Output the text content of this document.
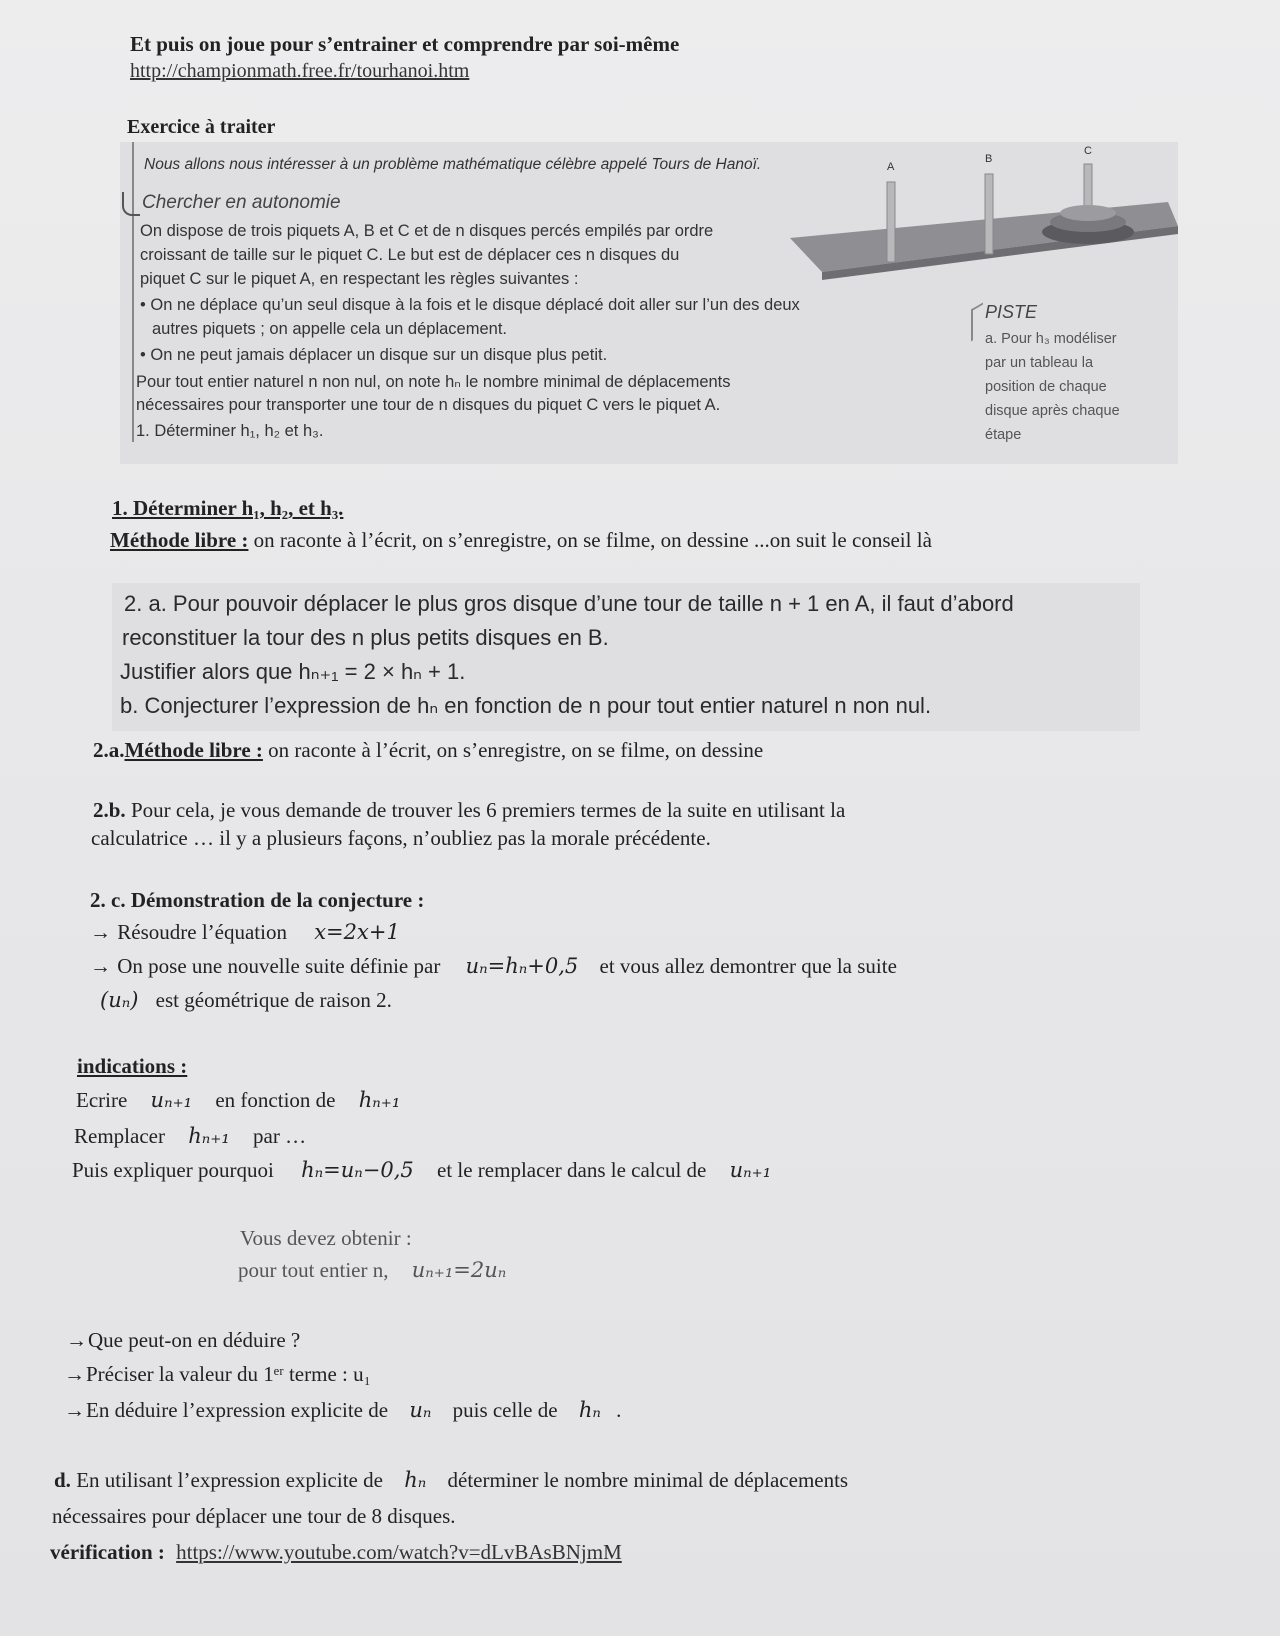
Et puis on joue pour s’entrainer et comprendre par soi-même
http://championmath.free.fr/tourhanoi.htm
Exercice à traiter
Nous allons nous intéresser à un problème mathématique célèbre appelé Tours de Hanoï.
Chercher en autonomie
On dispose de trois piquets A, B et C et de n disques percés empilés par ordre
croissant de taille sur le piquet C. Le but est de déplacer ces n disques du
piquet C sur le piquet A, en respectant les règles suivantes :
• On ne déplace qu’un seul disque à la fois et le disque déplacé doit aller sur l’un des deux
autres piquets ; on appelle cela un déplacement.
• On ne peut jamais déplacer un disque sur un disque plus petit.
Pour tout entier naturel n non nul, on note hₙ le nombre minimal de déplacements
nécessaires pour transporter une tour de n disques du piquet C vers le piquet A.
1. Déterminer h₁, h₂ et h₃.
A
B
C
PISTE
a. Pour h₃ modéliser
par un tableau la
position de chaque
disque après chaque
étape
1. Déterminer h₁, h₂, et h₃.
Méthode libre : on raconte à l’écrit, on s’enregistre, on se filme, on dessine ...on suit le conseil là
2. a. Pour pouvoir déplacer le plus gros disque d’une tour de taille n + 1 en A, il faut d’abord
reconstituer la tour des n plus petits disques en B.
Justifier alors que hₙ₊₁ = 2 × hₙ + 1.
b. Conjecturer l’expression de hₙ en fonction de n pour tout entier naturel n non nul.
2.a.Méthode libre : on raconte à l’écrit, on s’enregistre, on se filme, on dessine
2.b. Pour cela, je vous demande de trouver les 6 premiers termes de la suite en utilisant la
calculatrice … il y a plusieurs façons, n’oubliez pas la morale précédente.
2. c. Démonstration de la conjecture :
→ Résoudre l’équation x=2x+1
→ On pose une nouvelle suite définie par uₙ=hₙ+0,5 et vous allez demontrer que la suite
(uₙ) est géométrique de raison 2.
indications :
Ecrire uₙ₊₁ en fonction de hₙ₊₁
Remplacer hₙ₊₁ par …
Puis expliquer pourquoi hₙ=uₙ−0,5 et le remplacer dans le calcul de uₙ₊₁
Vous devez obtenir :
pour tout entier n, uₙ₊₁=2uₙ
→Que peut-on en déduire ?
→Préciser la valeur du 1ᵉʳ terme : u₁
→En déduire l’expression explicite de uₙ puis celle de hₙ .
d. En utilisant l’expression explicite de hₙ déterminer le nombre minimal de déplacements
nécessaires pour déplacer une tour de 8 disques.
vérification : https://www.youtube.com/watch?v=dLvBAsBNjmM
